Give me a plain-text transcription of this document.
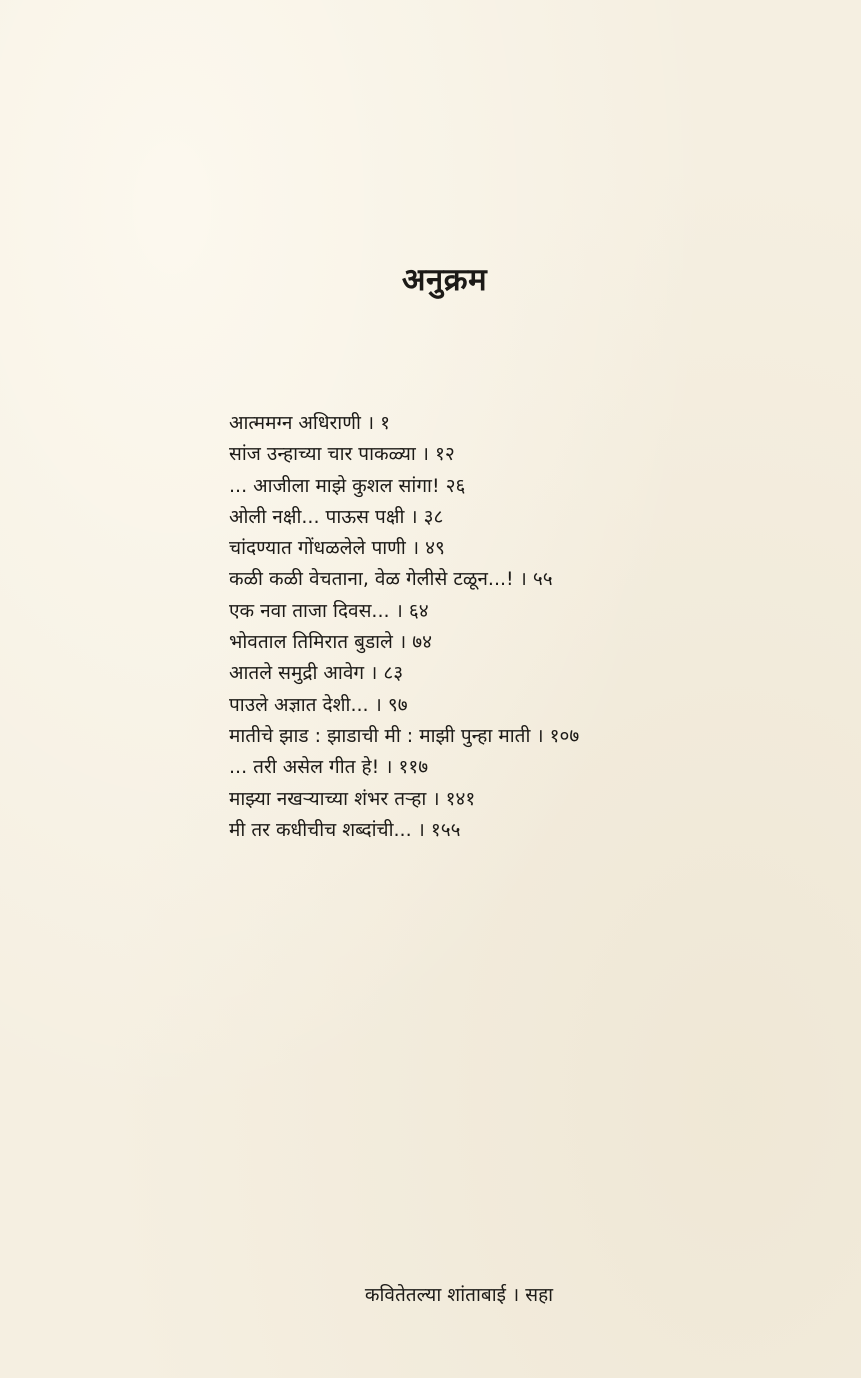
अनुक्रम
आत्ममग्न अधिराणी । १
सांज उन्हाच्या चार पाकळ्या । १२
... आजीला माझे कुशल सांगा! २६
ओली नक्षी... पाऊस पक्षी । ३८
चांदण्यात गोंधळलेले पाणी । ४९
कळी कळी वेचताना, वेळ गेलीसे टळून...! । ५५
एक नवा ताजा दिवस... । ६४
भोवताल तिमिरात बुडाले । ७४
आतले समुद्री आवेग । ८३
पाउले अज्ञात देशी... । ९७
मातीचे झाड : झाडाची मी : माझी पुन्हा माती । १०७
... तरी असेल गीत हे! । ११७
माझ्या नखऱ्याच्या शंभर तऱ्हा । १४१
मी तर कधीचीच शब्दांची... । १५५
कवितेतल्या शांताबाई । सहा
